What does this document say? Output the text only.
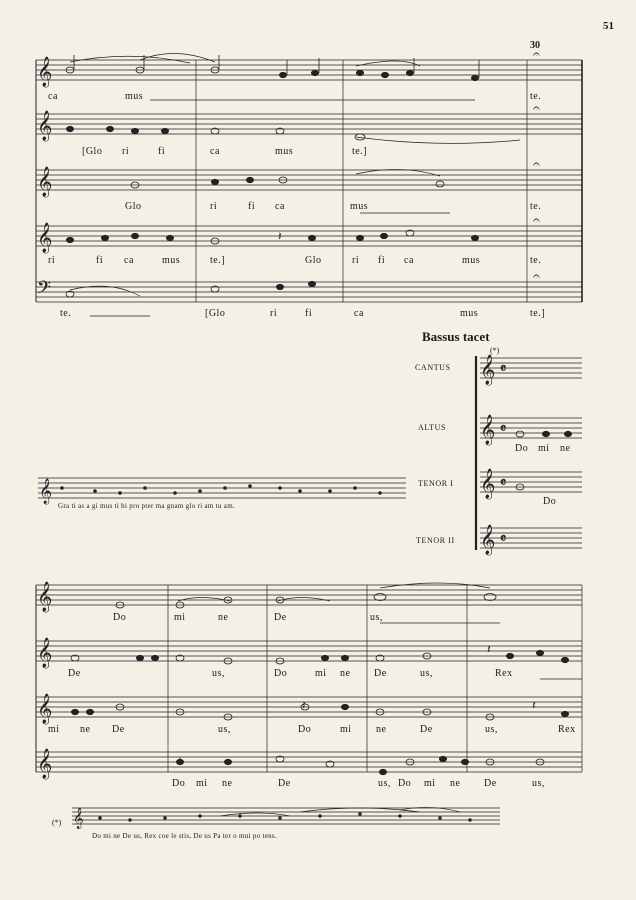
51
30
𝄞
𝄞
𝄞
𝄞
𝄢
𝄞
𝄞
𝄞
𝄞
𝄞
𝄞
𝄞
𝄞
𝄞
𝄞
𝄴
𝄴
𝄴
𝄴
𝄐
𝄐
𝄐
𝄐
𝄐
𝄽
𝄽
𝄽
𝄽
ca	mus	te.
[Glo ri	fi	ca	mus	te.]
Glo	ri	fi ca	mus	te.
ri	fi ca	mus	te.]	Glo	ri fi ca	mus	te.
te.	[Glo	ri	fi	ca	mus	te.]
Bassus tacet
(*)
CANTUS
ALTUS
TENOR I
TENOR II
Do mi ne
Do
Gra ti as a gi mus ti bi pro pter ma gnam glo ri am tu am.
Do	mi	ne	De	us,
De	us,	Do	mi ne De	us,	Rex
mi ne De	us,	Do	mi ne	De	us,	Rex
Do mi ne	De	us, Do mi ne De	us,
(*)
Do mi ne De us, Rex coe le stis, De us Pa ter o mni po tens.
